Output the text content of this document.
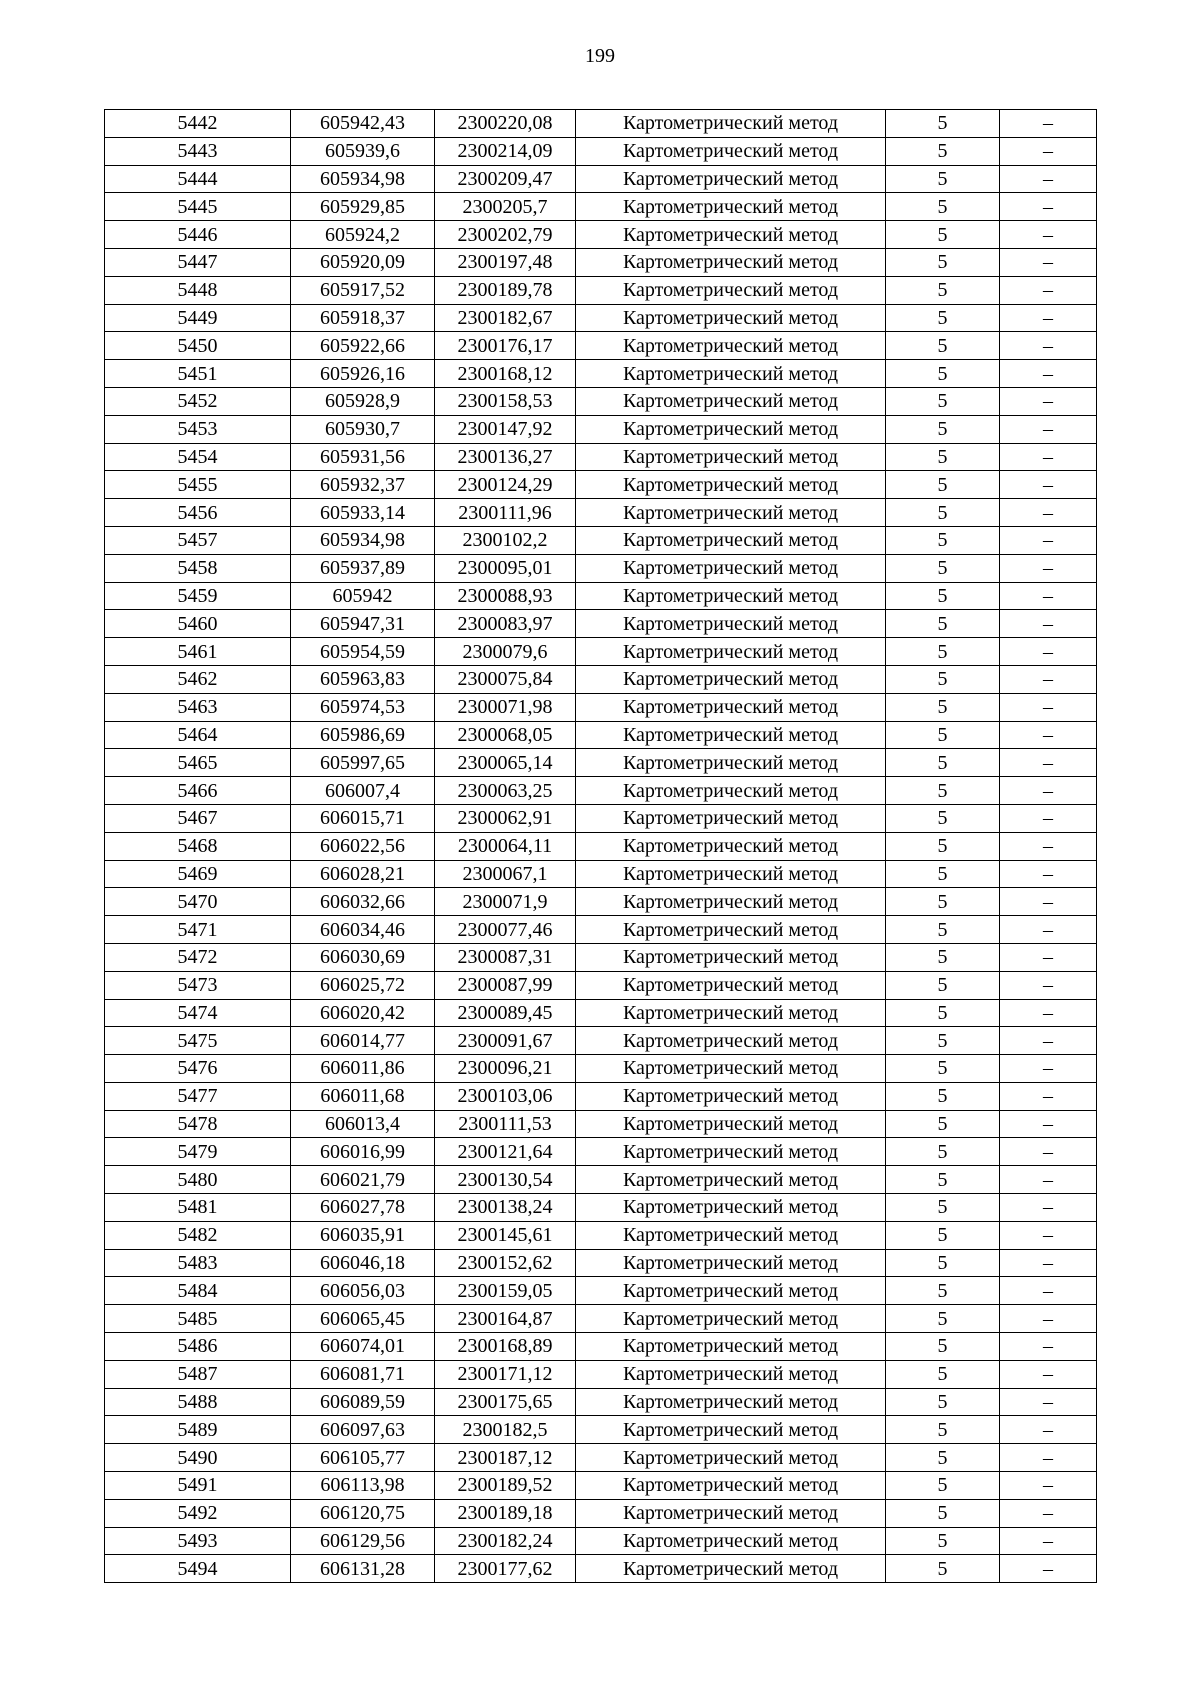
199
5442	605942,43	2300220,08	Картометрический метод	5	–
5443	605939,6	2300214,09	Картометрический метод	5	–
5444	605934,98	2300209,47	Картометрический метод	5	–
5445	605929,85	2300205,7	Картометрический метод	5	–
5446	605924,2	2300202,79	Картометрический метод	5	–
5447	605920,09	2300197,48	Картометрический метод	5	–
5448	605917,52	2300189,78	Картометрический метод	5	–
5449	605918,37	2300182,67	Картометрический метод	5	–
5450	605922,66	2300176,17	Картометрический метод	5	–
5451	605926,16	2300168,12	Картометрический метод	5	–
5452	605928,9	2300158,53	Картометрический метод	5	–
5453	605930,7	2300147,92	Картометрический метод	5	–
5454	605931,56	2300136,27	Картометрический метод	5	–
5455	605932,37	2300124,29	Картометрический метод	5	–
5456	605933,14	2300111,96	Картометрический метод	5	–
5457	605934,98	2300102,2	Картометрический метод	5	–
5458	605937,89	2300095,01	Картометрический метод	5	–
5459	605942	2300088,93	Картометрический метод	5	–
5460	605947,31	2300083,97	Картометрический метод	5	–
5461	605954,59	2300079,6	Картометрический метод	5	–
5462	605963,83	2300075,84	Картометрический метод	5	–
5463	605974,53	2300071,98	Картометрический метод	5	–
5464	605986,69	2300068,05	Картометрический метод	5	–
5465	605997,65	2300065,14	Картометрический метод	5	–
5466	606007,4	2300063,25	Картометрический метод	5	–
5467	606015,71	2300062,91	Картометрический метод	5	–
5468	606022,56	2300064,11	Картометрический метод	5	–
5469	606028,21	2300067,1	Картометрический метод	5	–
5470	606032,66	2300071,9	Картометрический метод	5	–
5471	606034,46	2300077,46	Картометрический метод	5	–
5472	606030,69	2300087,31	Картометрический метод	5	–
5473	606025,72	2300087,99	Картометрический метод	5	–
5474	606020,42	2300089,45	Картометрический метод	5	–
5475	606014,77	2300091,67	Картометрический метод	5	–
5476	606011,86	2300096,21	Картометрический метод	5	–
5477	606011,68	2300103,06	Картометрический метод	5	–
5478	606013,4	2300111,53	Картометрический метод	5	–
5479	606016,99	2300121,64	Картометрический метод	5	–
5480	606021,79	2300130,54	Картометрический метод	5	–
5481	606027,78	2300138,24	Картометрический метод	5	–
5482	606035,91	2300145,61	Картометрический метод	5	–
5483	606046,18	2300152,62	Картометрический метод	5	–
5484	606056,03	2300159,05	Картометрический метод	5	–
5485	606065,45	2300164,87	Картометрический метод	5	–
5486	606074,01	2300168,89	Картометрический метод	5	–
5487	606081,71	2300171,12	Картометрический метод	5	–
5488	606089,59	2300175,65	Картометрический метод	5	–
5489	606097,63	2300182,5	Картометрический метод	5	–
5490	606105,77	2300187,12	Картометрический метод	5	–
5491	606113,98	2300189,52	Картометрический метод	5	–
5492	606120,75	2300189,18	Картометрический метод	5	–
5493	606129,56	2300182,24	Картометрический метод	5	–
5494	606131,28	2300177,62	Картометрический метод	5	–
